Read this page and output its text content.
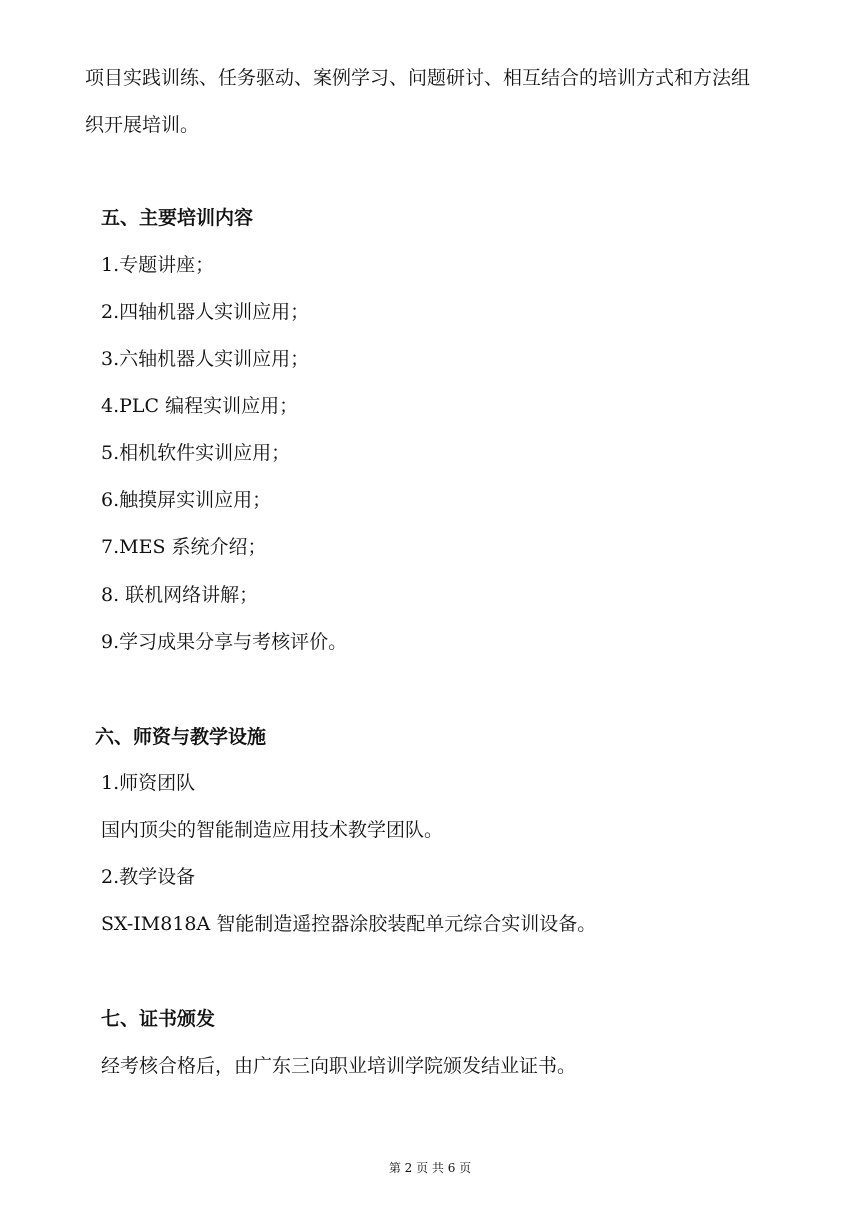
项目实践训练、任务驱动、案例学习、问题研讨、相互结合的培训方式和方法组
织开展培训。
五、主要培训内容
1.专题讲座；
2.四轴机器人实训应用；
3.六轴机器人实训应用；
4.PLC 编程实训应用；
5.相机软件实训应用；
6.触摸屏实训应用；
7.MES 系统介绍；
8. 联机网络讲解；
9.学习成果分享与考核评价。
六、师资与教学设施
1.师资团队
国内顶尖的智能制造应用技术教学团队。
2.教学设备
SX-IM818A 智能制造遥控器涂胶装配单元综合实训设备。
七、证书颁发
经考核合格后，由广东三向职业培训学院颁发结业证书。
第 2 页 共 6 页
